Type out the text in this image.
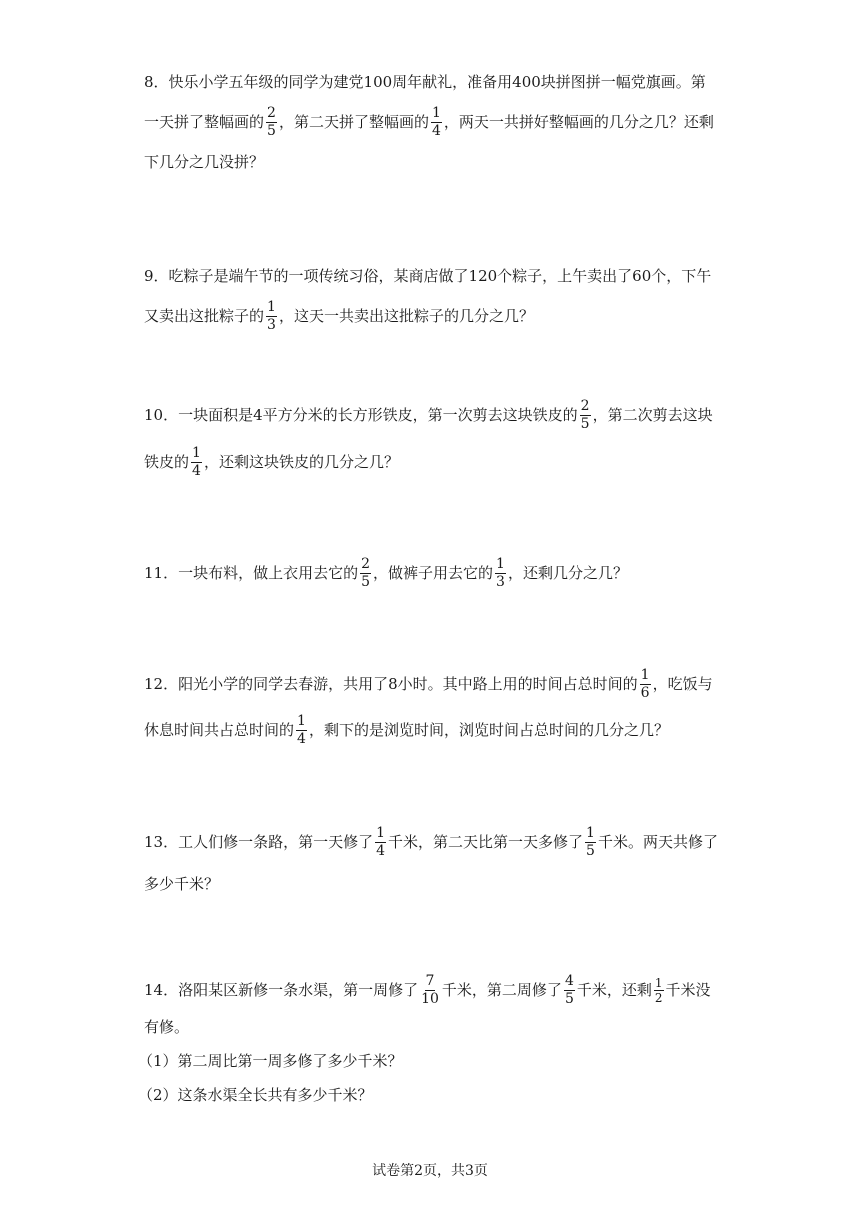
8．快乐小学五年级的同学为建党100周年献礼，准备用400块拼图拼一幅党旗画。第
一天拼了整幅画的 $\frac{2}{5}$ ，第二天拼了整幅画的 $\frac{1}{4}$ ，两天一共拼好整幅画的几分之几？还剩
下几分之几没拼？
9．吃粽子是端午节的一项传统习俗，某商店做了120个粽子，上午卖出了60个，下午
又卖出这批粽子的 $\frac{1}{3}$ ，这天一共卖出这批粽子的几分之几？
10．一块面积是4平方分米的长方形铁皮，第一次剪去这块铁皮的 $\frac{2}{5}$ ，第二次剪去这块
铁皮的 $\frac{1}{4}$ ，还剩这块铁皮的几分之几？
11．一块布料，做上衣用去它的 $\frac{2}{5}$ ，做裤子用去它的 $\frac{1}{3}$ ，还剩几分之几？
12．阳光小学的同学去春游，共用了8小时。其中路上用的时间占总时间的 $\frac{1}{6}$ ，吃饭与
休息时间共占总时间的 $\frac{1}{4}$ ，剩下的是浏览时间，浏览时间占总时间的几分之几？
13．工人们修一条路，第一天修了 $\frac{1}{4}$ 千米，第二天比第一天多修了 $\frac{1}{5}$ 千米。两天共修了
多少千米？
14．洛阳某区新修一条水渠，第一周修了 $\frac{7}{10}$ 千米，第二周修了 $\frac{4}{5}$ 千米，还剩 $\frac{1}{2}$ 千米没
有修。
（1）第二周比第一周多修了多少千米？
（2）这条水渠全长共有多少千米？
试卷第2页，共3页
